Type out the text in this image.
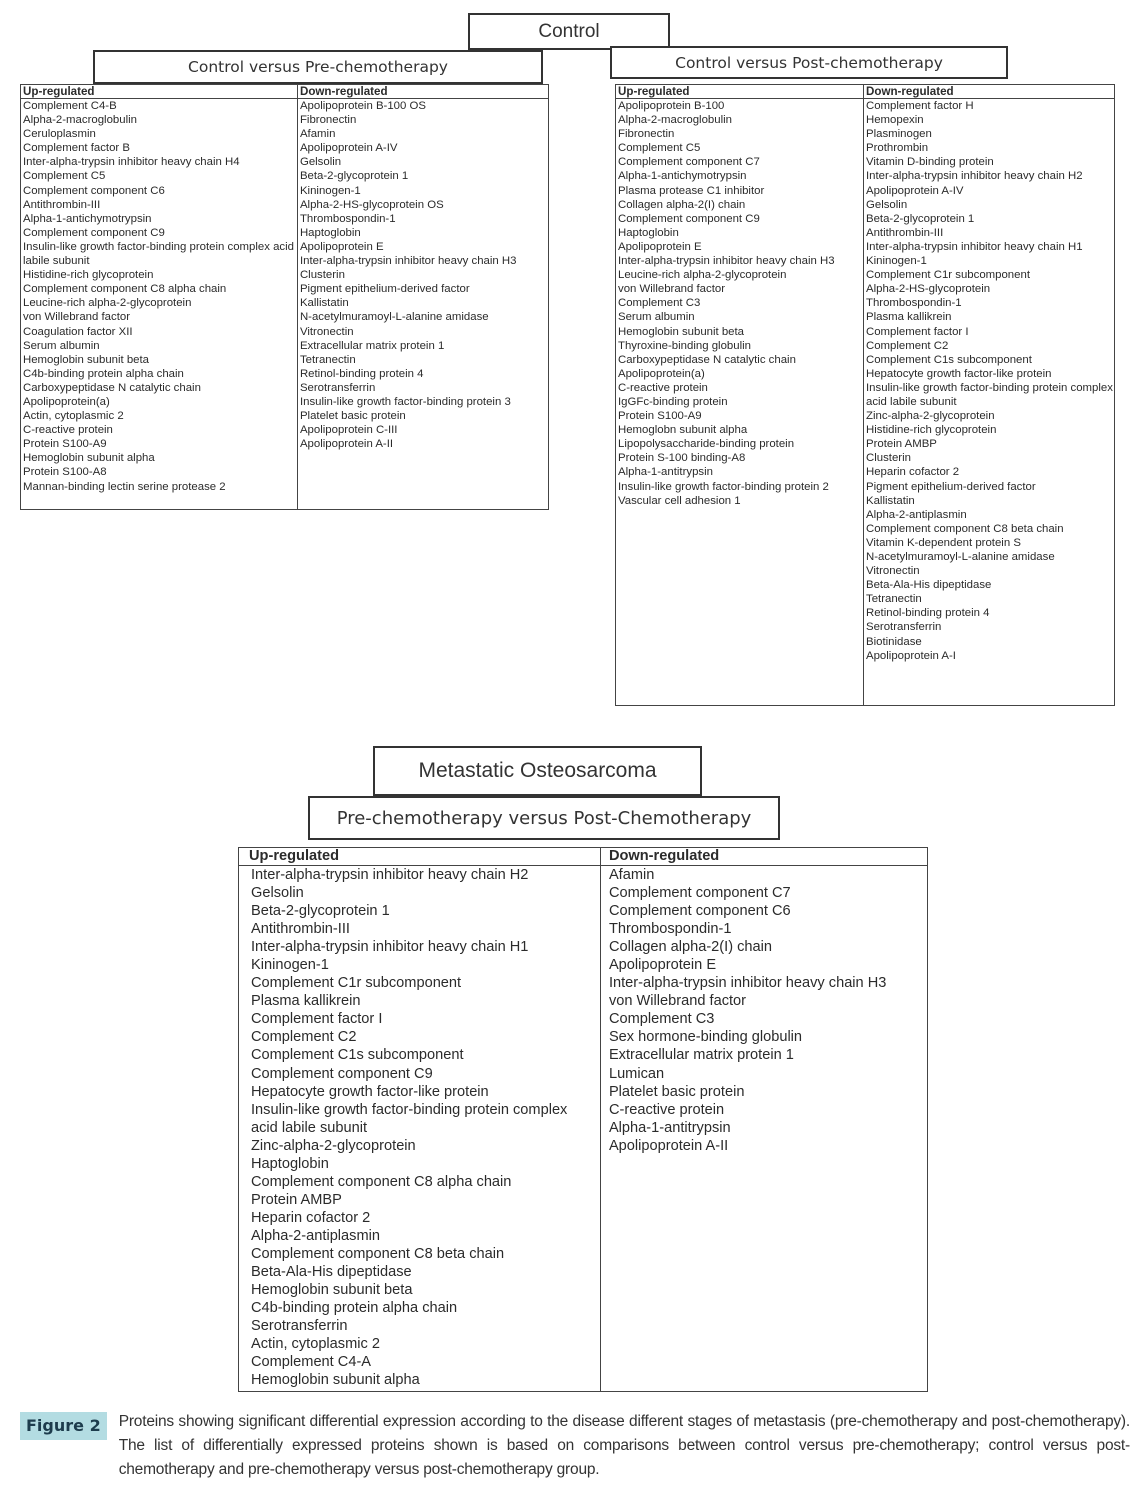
Control
Control versus Pre-chemotherapy	Control versus Post-chemotherapy
Up-regulated
Complement C4-B
Alpha-2-macroglobulin
Ceruloplasmin
Complement factor B
Inter-alpha-trypsin inhibitor heavy chain H4
Complement C5
Complement component C6
Antithrombin-III
Alpha-1-antichymotrypsin
Complement component C9
Insulin-like growth factor-binding protein complex acid labile subunit
Histidine-rich glycoprotein
Complement component C8 alpha chain
Leucine-rich alpha-2-glycoprotein
von Willebrand factor
Coagulation factor XII
Serum albumin
Hemoglobin subunit beta
C4b-binding protein alpha chain
Carboxypeptidase N catalytic chain
Apolipoprotein(a)
Actin, cytoplasmic 2
C-reactive protein
Protein S100-A9
Hemoglobin subunit alpha
Protein S100-A8
Mannan-binding lectin serine protease 2
Down-regulated
Apolipoprotein B-100 OS
Fibronectin
Afamin
Apolipoprotein A-IV
Gelsolin
Beta-2-glycoprotein 1
Kininogen-1
Alpha-2-HS-glycoprotein OS
Thrombospondin-1
Haptoglobin
Apolipoprotein E
Inter-alpha-trypsin inhibitor heavy chain H3
Clusterin
Pigment epithelium-derived factor
Kallistatin
N-acetylmuramoyl-L-alanine amidase
Vitronectin
Extracellular matrix protein 1
Tetranectin
Retinol-binding protein 4
Serotransferrin
Insulin-like growth factor-binding protein 3
Platelet basic protein
Apolipoprotein C-III
Apolipoprotein A-II
Up-regulated
Apolipoprotein B-100
Alpha-2-macroglobulin
Fibronectin
Complement C5
Complement component C7
Alpha-1-antichymotrypsin
Plasma protease C1 inhibitor
Collagen alpha-2(I) chain
Complement component C9
Haptoglobin
Apolipoprotein E
Inter-alpha-trypsin inhibitor heavy chain H3
Leucine-rich alpha-2-glycoprotein
von Willebrand factor
Complement C3
Serum albumin
Hemoglobin subunit beta
Thyroxine-binding globulin
Carboxypeptidase N catalytic chain
Apolipoprotein(a)
C-reactive protein
IgGFc-binding protein
Protein S100-A9
Hemoglobn subunit alpha
Lipopolysaccharide-binding protein
Protein S-100 binding-A8
Alpha-1-antitrypsin
Insulin-like growth factor-binding protein 2
Vascular cell adhesion 1
Down-regulated
Complement factor H
Hemopexin
Plasminogen
Prothrombin
Vitamin D-binding protein
Inter-alpha-trypsin inhibitor heavy chain H2
Apolipoprotein A-IV
Gelsolin
Beta-2-glycoprotein 1
Antithrombin-III
Inter-alpha-trypsin inhibitor heavy chain H1
Kininogen-1
Complement C1r subcomponent
Alpha-2-HS-glycoprotein
Thrombospondin-1
Plasma kallikrein
Complement factor I
Complement C2
Complement C1s subcomponent
Hepatocyte growth factor-like protein
Insulin-like growth factor-binding protein complex acid labile subunit
Zinc-alpha-2-glycoprotein
Histidine-rich glycoprotein
Protein AMBP
Clusterin
Heparin cofactor 2
Pigment epithelium-derived factor
Kallistatin
Alpha-2-antiplasmin
Complement component C8 beta chain
Vitamin K-dependent protein S
N-acetylmuramoyl-L-alanine amidase
Vitronectin
Beta-Ala-His dipeptidase
Tetranectin
Retinol-binding protein 4
Serotransferrin
Biotinidase
Apolipoprotein A-I
Metastatic Osteosarcoma
Pre-chemotherapy versus Post-Chemotherapy
Up-regulated
Inter-alpha-trypsin inhibitor heavy chain H2
Gelsolin
Beta-2-glycoprotein 1
Antithrombin-III
Inter-alpha-trypsin inhibitor heavy chain H1
Kininogen-1
Complement C1r subcomponent
Plasma kallikrein
Complement factor I
Complement C2
Complement C1s subcomponent
Complement component C9
Hepatocyte growth factor-like protein
Insulin-like growth factor-binding protein complex acid labile subunit
Zinc-alpha-2-glycoprotein
Haptoglobin
Complement component C8 alpha chain
Protein AMBP
Heparin cofactor 2
Alpha-2-antiplasmin
Complement component C8 beta chain
Beta-Ala-His dipeptidase
Hemoglobin subunit beta
C4b-binding protein alpha chain
Serotransferrin
Actin, cytoplasmic 2
Complement C4-A
Hemoglobin subunit alpha
Down-regulated
Afamin
Complement component C7
Complement component C6
Thrombospondin-1
Collagen alpha-2(I) chain
Apolipoprotein E
Inter-alpha-trypsin inhibitor heavy chain H3
von Willebrand factor
Complement C3
Sex hormone-binding globulin
Extracellular matrix protein 1
Lumican
Platelet basic protein
C-reactive protein
Alpha-1-antitrypsin
Apolipoprotein A-II
Figure 2	Proteins showing significant differential expression according to the disease different stages of metastasis (pre-chemotherapy and post-chemotherapy). The list of differentially expressed proteins shown is based on comparisons between control versus pre-chemotherapy; control versus post-chemotherapy and pre-chemotherapy versus post-chemotherapy group.
